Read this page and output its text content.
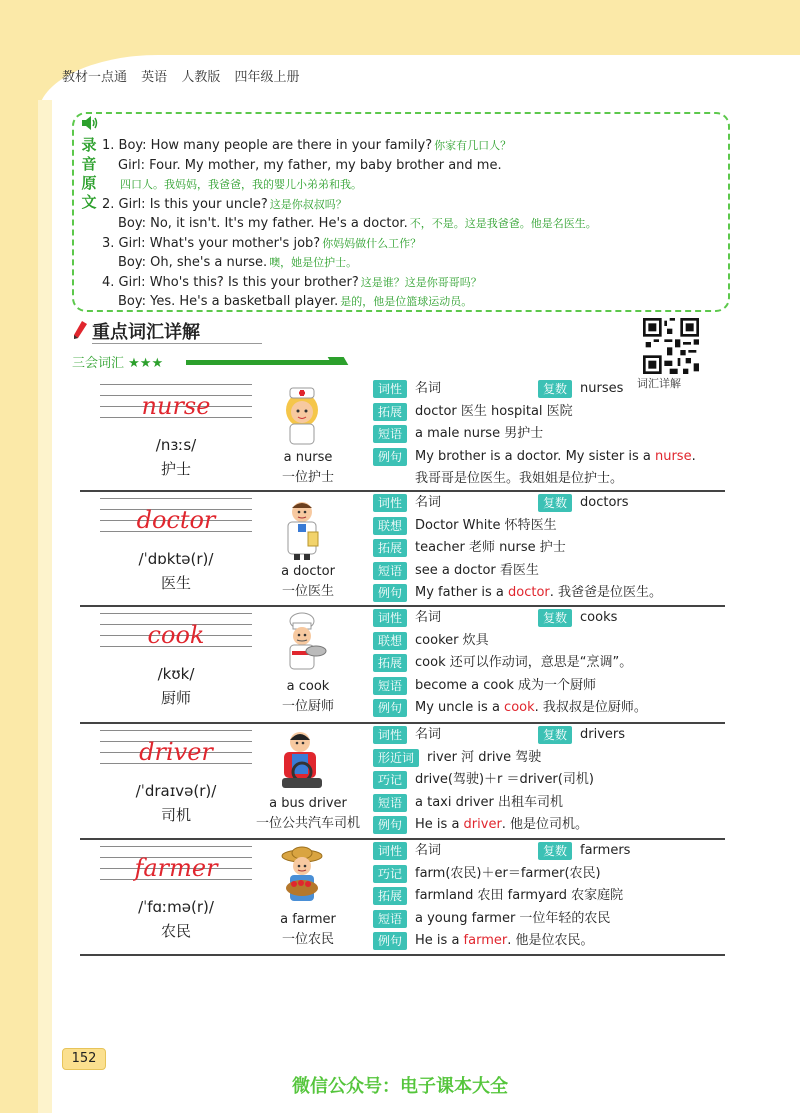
教材一点通 英语 人教版 四年级上册
录
音
原
文
1. Boy: How many people are there in your family? 你家有几口人？
Girl: Four. My mother, my father, my baby brother and me.
四口人。我妈妈，我爸爸，我的婴儿小弟弟和我。
2. Girl: Is this your uncle? 这是你叔叔吗？
Boy: No, it isn't. It's my father. He's a doctor. 不，不是。这是我爸爸。他是名医生。
3. Girl: What's your mother's job? 你妈妈做什么工作？
Boy: Oh, she's a nurse. 噢，她是位护士。
4. Girl: Who's this? Is this your brother? 这是谁？这是你哥哥吗？
Boy: Yes. He's a basketball player. 是的，他是位篮球运动员。
重点词汇详解
词汇详解
三会词汇 ★★★
nurse
/nɜːs/
护士
a nurse
一位护士
词性 名词	复数 nurses
拓展 doctor 医生 hospital 医院
短语 a male nurse 男护士
例句 My brother is a doctor. My sister is a nurse.
我哥哥是位医生。我姐姐是位护士。
doctor
/ˈdɒktə(r)/
医生
a doctor
一位医生
词性 名词	复数 doctors
联想 Doctor White 怀特医生
拓展 teacher 老师 nurse 护士
短语 see a doctor 看医生
例句 My father is a doctor. 我爸爸是位医生。
cook
/kʊk/
厨师
a cook
一位厨师
词性 名词	复数 cooks
联想 cooker 炊具
拓展 cook 还可以作动词，意思是“烹调”。
短语 become a cook 成为一个厨师
例句 My uncle is a cook. 我叔叔是位厨师。
driver
/ˈdraɪvə(r)/
司机
a bus driver
一位公共汽车司机
词性 名词	复数 drivers
形近词 river 河 drive 驾驶
巧记 drive(驾驶)＋r ＝driver(司机)
短语 a taxi driver 出租车司机
例句 He is a driver. 他是位司机。
farmer
/ˈfɑːmə(r)/
农民
a farmer
一位农民
词性 名词	复数 farmers
巧记 farm(农民)＋er＝farmer(农民)
拓展 farmland 农田 farmyard 农家庭院
短语 a young farmer 一位年轻的农民
例句 He is a farmer. 他是位农民。
152
微信公众号：电子课本大全
